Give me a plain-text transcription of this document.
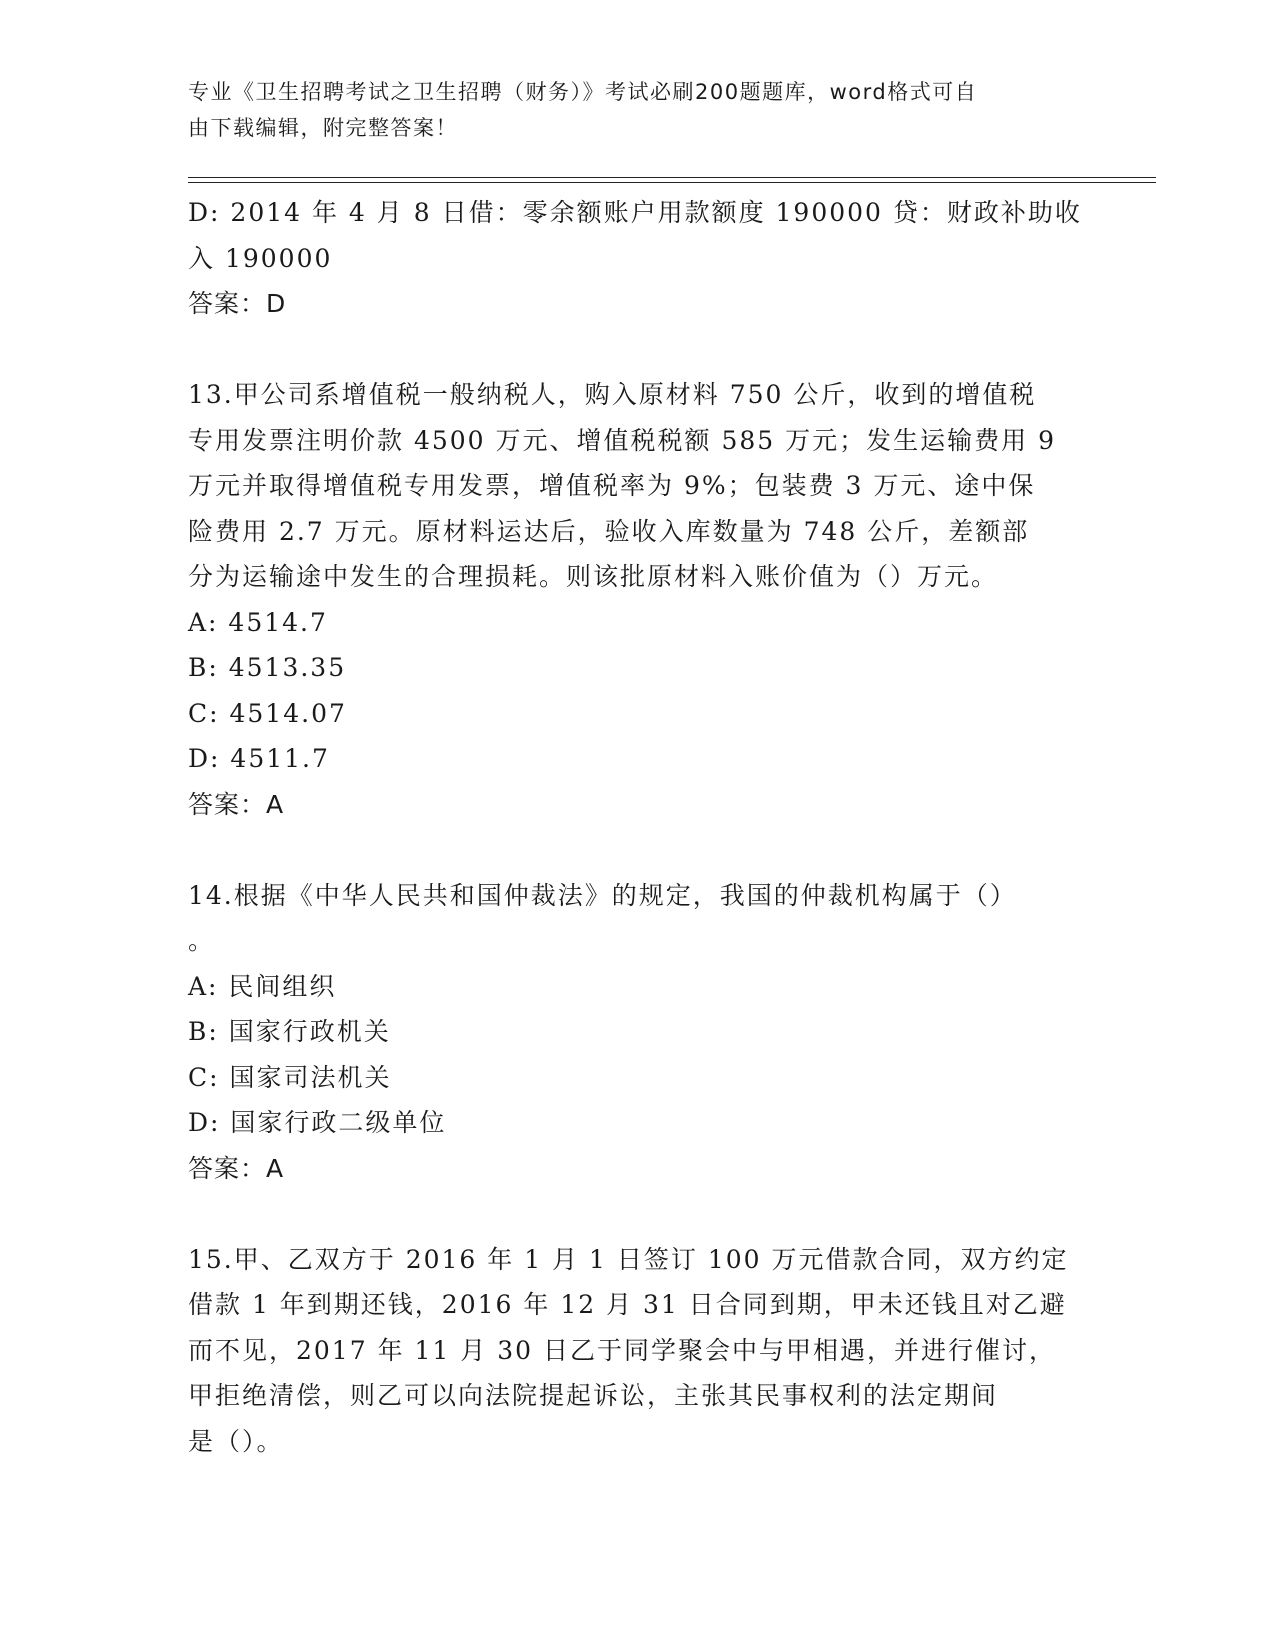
专业《卫生招聘考试之卫生招聘（财务）》考试必刷200题题库，word格式可自
由下载编辑，附完整答案！
D: 2014 年 4 月 8 日借：零余额账户用款额度 190000 贷：财政补助收
入 190000
答案：D
13.甲公司系增值税一般纳税人，购入原材料 750 公斤，收到的增值税
专用发票注明价款 4500 万元、增值税税额 585 万元；发生运输费用 9
万元并取得增值税专用发票，增值税率为 9%；包装费 3 万元、途中保
险费用 2.7 万元。原材料运达后，验收入库数量为 748 公斤，差额部
分为运输途中发生的合理损耗。则该批原材料入账价值为（）万元。
A: 4514.7
B: 4513.35
C: 4514.07
D: 4511.7
答案：A
14.根据《中华人民共和国仲裁法》的规定，我国的仲裁机构属于（）
。
A: 民间组织
B: 国家行政机关
C: 国家司法机关
D: 国家行政二级单位
答案：A
15.甲、乙双方于 2016 年 1 月 1 日签订 100 万元借款合同，双方约定
借款 1 年到期还钱，2016 年 12 月 31 日合同到期，甲未还钱且对乙避
而不见，2017 年 11 月 30 日乙于同学聚会中与甲相遇，并进行催讨，
甲拒绝清偿，则乙可以向法院提起诉讼，主张其民事权利的法定期间
是（）。
